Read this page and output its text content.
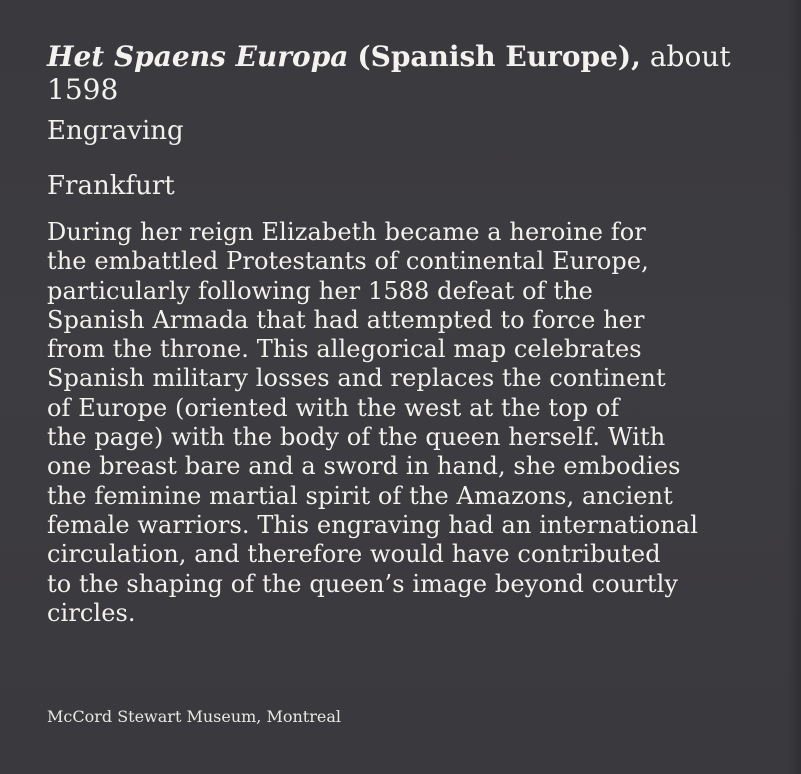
Het Spaens Europa (Spanish Europe), about
1598
Engraving
Frankfurt
During her reign Elizabeth became a heroine for
the embattled Protestants of continental Europe,
particularly following her 1588 defeat of the
Spanish Armada that had attempted to force her
from the throne. This allegorical map celebrates
Spanish military losses and replaces the continent
of Europe (oriented with the west at the top of
the page) with the body of the queen herself. With
one breast bare and a sword in hand, she embodies
the feminine martial spirit of the Amazons, ancient
female warriors. This engraving had an international
circulation, and therefore would have contributed
to the shaping of the queen’s image beyond courtly
circles.
McCord Stewart Museum, Montreal
